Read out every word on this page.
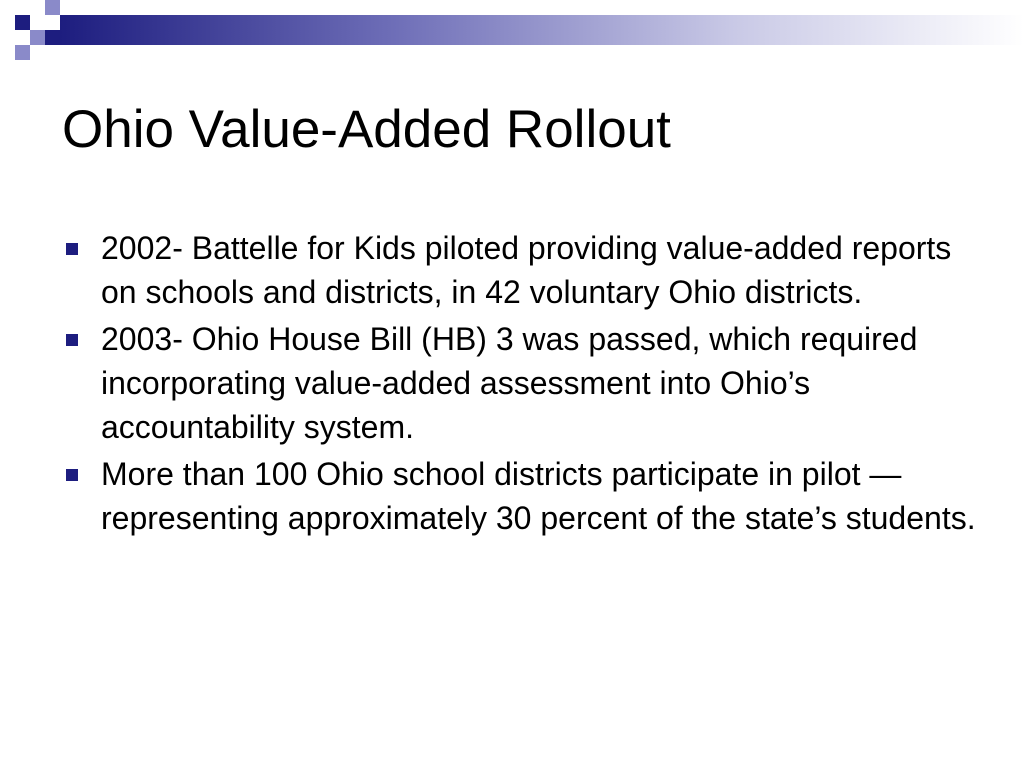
Ohio Value-Added Rollout
2002- Battelle for Kids piloted providing value-added reports on schools and districts, in 42 voluntary Ohio districts.
2003- Ohio House Bill (HB) 3 was passed, which required incorporating value-added assessment into Ohio’s accountability system.
More than 100 Ohio school districts participate in pilot — representing approximately 30 percent of the state’s students.
